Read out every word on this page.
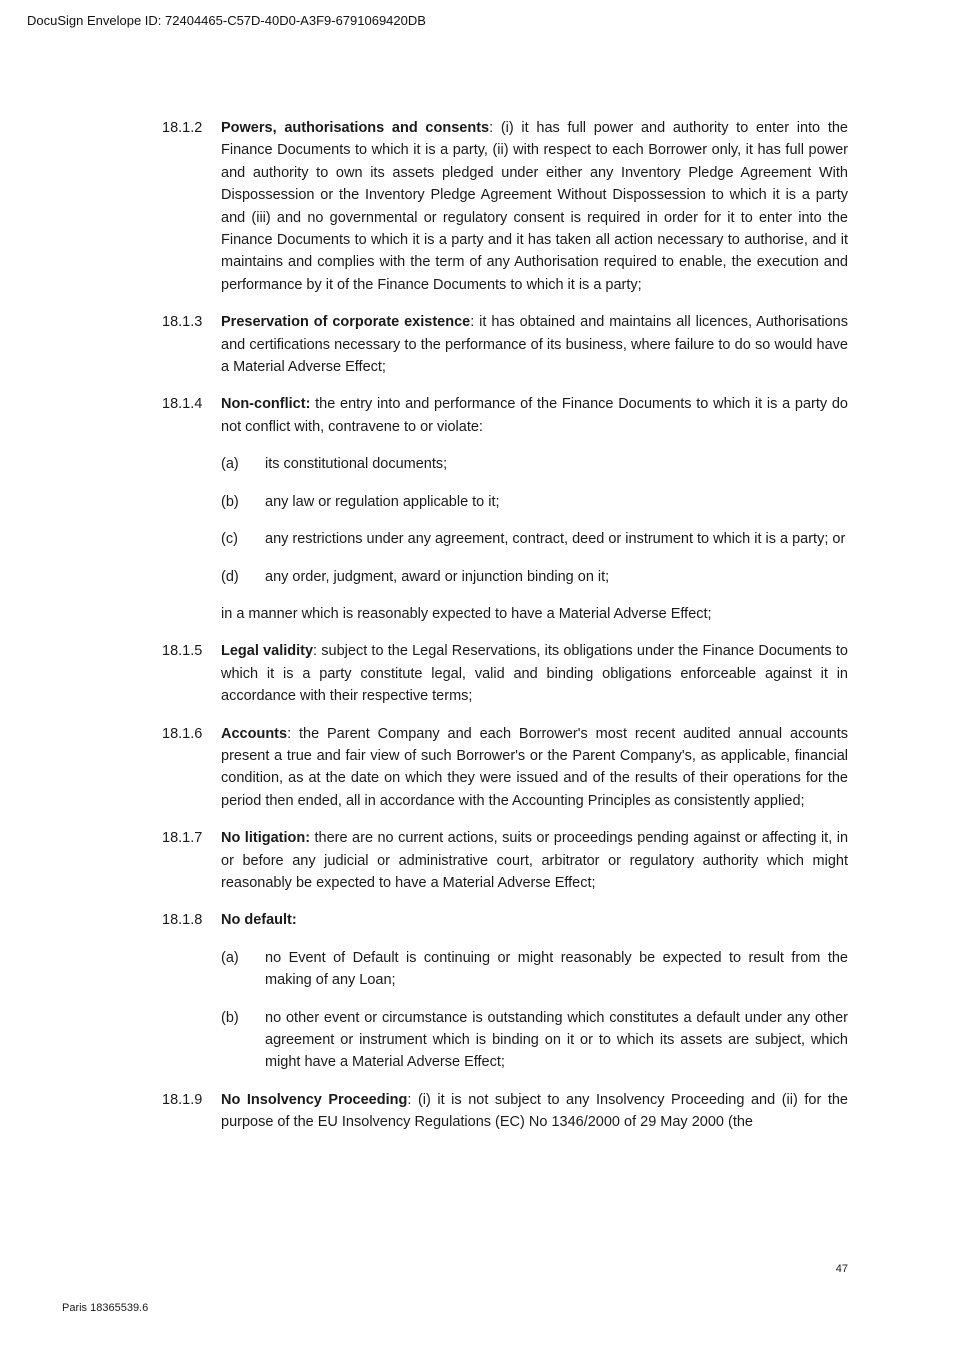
DocuSign Envelope ID: 72404465-C57D-40D0-A3F9-6791069420DB
18.1.2	Powers, authorisations and consents: (i) it has full power and authority to enter into the Finance Documents to which it is a party, (ii) with respect to each Borrower only, it has full power and authority to own its assets pledged under either any Inventory Pledge Agreement With Dispossession or the Inventory Pledge Agreement Without Dispossession to which it is a party and (iii) and no governmental or regulatory consent is required in order for it to enter into the Finance Documents to which it is a party and it has taken all action necessary to authorise, and it maintains and complies with the term of any Authorisation required to enable, the execution and performance by it of the Finance Documents to which it is a party;
18.1.3	Preservation of corporate existence: it has obtained and maintains all licences, Authorisations and certifications necessary to the performance of its business, where failure to do so would have a Material Adverse Effect;
18.1.4	Non-conflict: the entry into and performance of the Finance Documents to which it is a party do not conflict with, contravene to or violate:
(a)	its constitutional documents;
(b)	any law or regulation applicable to it;
(c)	any restrictions under any agreement, contract, deed or instrument to which it is a party; or
(d)	any order, judgment, award or injunction binding on it;
in a manner which is reasonably expected to have a Material Adverse Effect;
18.1.5	Legal validity: subject to the Legal Reservations, its obligations under the Finance Documents to which it is a party constitute legal, valid and binding obligations enforceable against it in accordance with their respective terms;
18.1.6	Accounts: the Parent Company and each Borrower's most recent audited annual accounts present a true and fair view of such Borrower's or the Parent Company's, as applicable, financial condition, as at the date on which they were issued and of the results of their operations for the period then ended, all in accordance with the Accounting Principles as consistently applied;
18.1.7	No litigation: there are no current actions, suits or proceedings pending against or affecting it, in or before any judicial or administrative court, arbitrator or regulatory authority which might reasonably be expected to have a Material Adverse Effect;
18.1.8	No default:
(a)	no Event of Default is continuing or might reasonably be expected to result from the making of any Loan;
(b)	no other event or circumstance is outstanding which constitutes a default under any other agreement or instrument which is binding on it or to which its assets are subject, which might have a Material Adverse Effect;
18.1.9	No Insolvency Proceeding: (i) it is not subject to any Insolvency Proceeding and (ii) for the purpose of the EU Insolvency Regulations (EC) No 1346/2000 of 29 May 2000 (the
47
Paris 18365539.6
